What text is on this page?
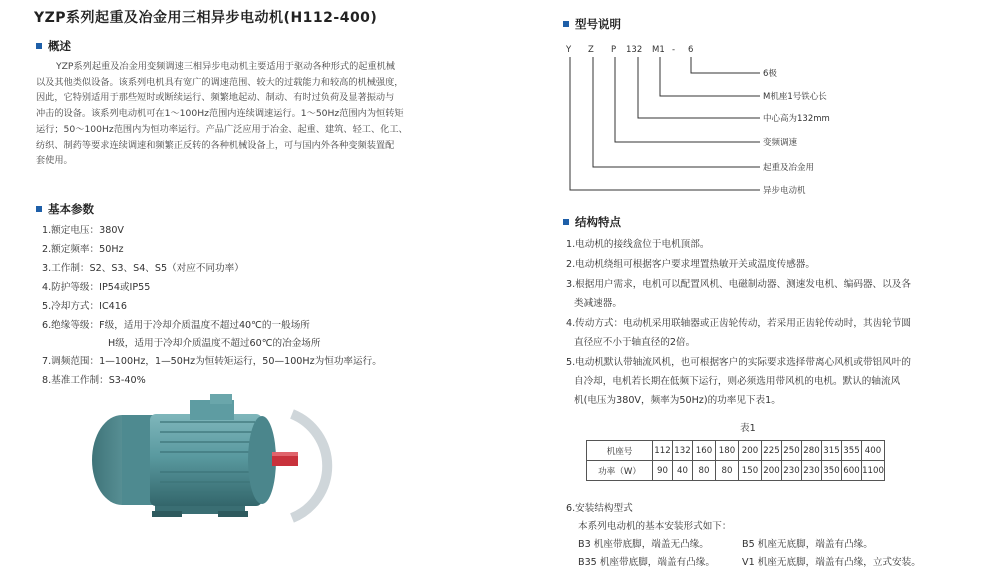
YZP系列起重及冶金用三相异步电动机(H112-400)
概述
YZP系列起重及冶金用变频调速三相异步电动机主要适用于驱动各种形式的起重机械
以及其他类似设备。该系列电机具有宽广的调速范围、较大的过载能力和较高的机械强度，
因此，它特别适用于那些短时或断续运行、频繁地起动、制动、有时过负荷及显著振动与
冲击的设备。该系列电动机可在1～100Hz范围内连续调速运行。1～50Hz范围内为恒转矩
运行；50～100Hz范围内为恒功率运行。产品广泛应用于冶金、起重、建筑、轻工、化工、
纺织、制药等要求连续调速和频繁正反转的各种机械设备上，可与国内外各种变频装置配
套使用。
基本参数
1.额定电压：380V
2.额定频率：50Hz
3.工作制：S2、S3、S4、S5（对应不同功率）
4.防护等级：IP54或IP55
5.冷却方式：IC416
6.绝缘等级：F级，适用于冷却介质温度不超过40℃的一般场所
H级，适用于冷却介质温度不超过60℃的冶金场所
7.调频范围：1—100Hz，1—50Hz为恒转矩运行，50—100Hz为恒功率运行。
8.基准工作制：S3-40%
型号说明
Y Z P 132 M1 - 6
6极
M机座1号铁心长
中心高为132mm
变频调速
起重及冶金用
异步电动机
结构特点
1.电动机的接线盒位于电机顶部。
2.电动机绕组可根据客户要求埋置热敏开关或温度传感器。
3.根据用户需求，电机可以配置风机、电磁制动器、测速发电机、编码器、以及各
类减速器。
4.传动方式：电动机采用联轴器或正齿轮传动，若采用正齿轮传动时，其齿轮节圆
直径应不小于轴直径的2倍。
5.电动机默认带轴流风机，也可根据客户的实际要求选择带离心风机或带铝风叶的
自冷却，电机若长期在低频下运行，则必须选用带风机的电机。默认的轴流风
机(电压为380V，频率为50Hz)的功率见下表1。
表1
机座号	112	132	160	180	200	225	250	280	315	355	400
功率（W）	90	40	80	80	150	200	230	230	350	600	1100
6.安装结构型式
本系列电动机的基本安装形式如下：
B3 机座带底脚，端盖无凸缘。	B5 机座无底脚，端盖有凸缘。
B35 机座带底脚，端盖有凸缘。	V1 机座无底脚，端盖有凸缘，立式安装。
